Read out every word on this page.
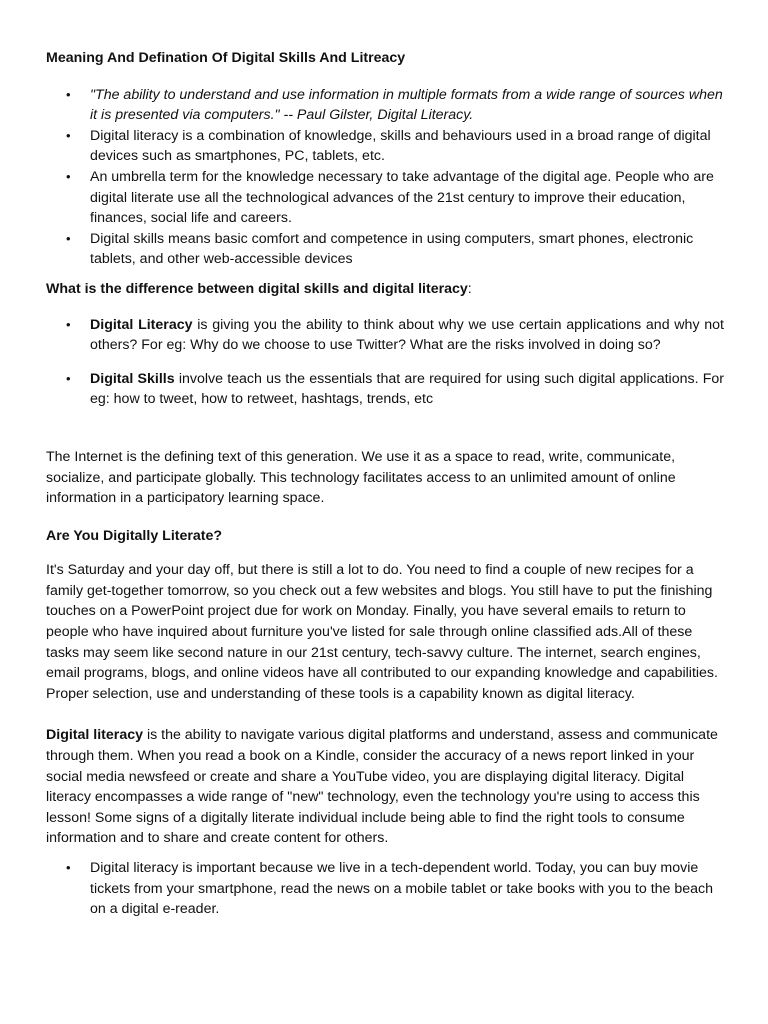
Meaning And Defination Of Digital Skills And Litreacy

• "The ability to understand and use information in multiple formats from a wide range of sources when it is presented via computers." -- Paul Gilster, Digital Literacy.
• Digital literacy is a combination of knowledge, skills and behaviours used in a broad range of digital devices such as smartphones, PC, tablets, etc.
• An umbrella term for the knowledge necessary to take advantage of the digital age. People who are digital literate use all the technological advances of the 21st century to improve their education, finances, social life and careers.
• Digital skills means basic comfort and competence in using computers, smart phones, electronic tablets, and other web-accessible devices

What is the difference between digital skills and digital literacy:

• Digital Literacy is giving you the ability to think about why we use certain applications and why not others? For eg: Why do we choose to use Twitter? What are the risks involved in doing so?
• Digital Skills involve teach us the essentials that are required for using such digital applications. For eg: how to tweet, how to retweet, hashtags, trends, etc

The Internet is the defining text of this generation. We use it as a space to read, write, communicate, socialize, and participate globally. This technology facilitates access to an unlimited amount of online information in a participatory learning space.

Are You Digitally Literate?

It's Saturday and your day off, but there is still a lot to do. You need to find a couple of new recipes for a family get-together tomorrow, so you check out a few websites and blogs. You still have to put the finishing touches on a PowerPoint project due for work on Monday. Finally, you have several emails to return to people who have inquired about furniture you've listed for sale through online classified ads.All of these tasks may seem like second nature in our 21st century, tech-savvy culture. The internet, search engines, email programs, blogs, and online videos have all contributed to our expanding knowledge and capabilities. Proper selection, use and understanding of these tools is a capability known as digital literacy.

Digital literacy is the ability to navigate various digital platforms and understand, assess and communicate through them. When you read a book on a Kindle, consider the accuracy of a news report linked in your social media newsfeed or create and share a YouTube video, you are displaying digital literacy. Digital literacy encompasses a wide range of "new" technology, even the technology you're using to access this lesson! Some signs of a digitally literate individual include being able to find the right tools to consume information and to share and create content for others.

• Digital literacy is important because we live in a tech-dependent world. Today, you can buy movie tickets from your smartphone, read the news on a mobile tablet or take books with you to the beach on a digital e-reader.
